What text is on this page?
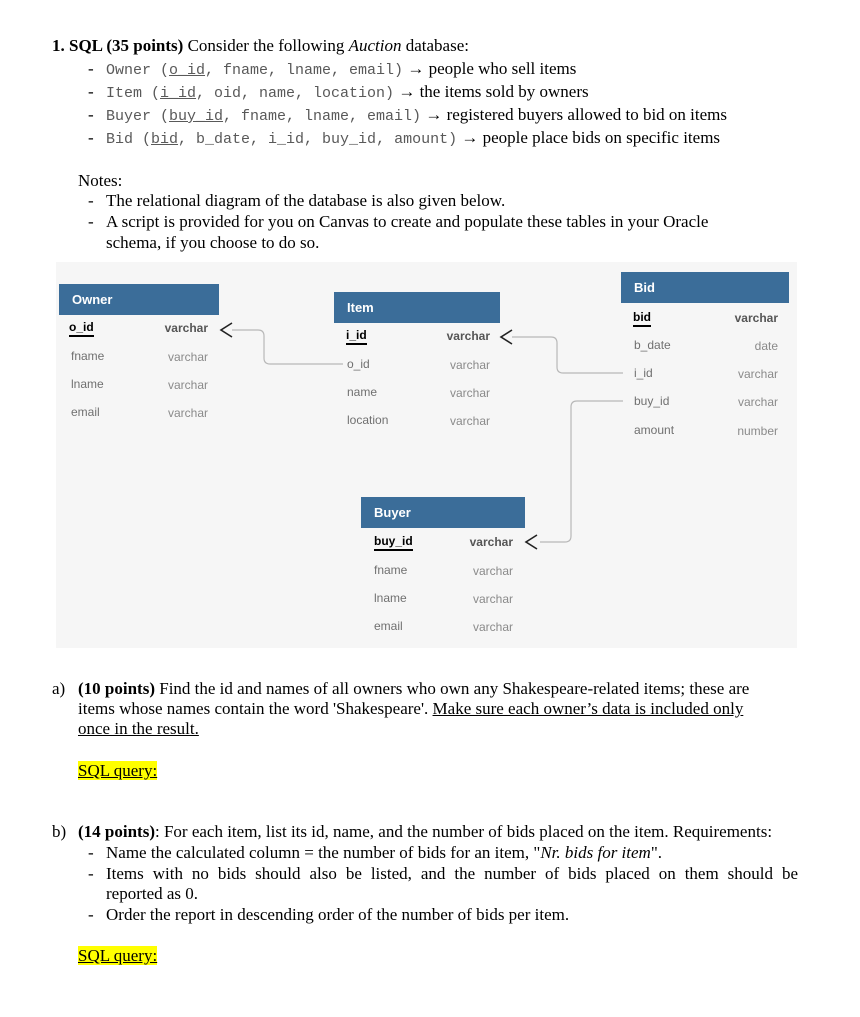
1. SQL (35 points) Consider the following Auction database:
- Owner (o_id, fname, lname, email) → people who sell items
- Item (i_id, oid, name, location) → the items sold by owners
- Buyer (buy_id, fname, lname, email) → registered buyers allowed to bid on items
- Bid (bid, b_date, i_id, buy_id, amount) → people place bids on specific items
Notes:
- The relational diagram of the database is also given below.
- A script is provided for you on Canvas to create and populate these tables in your Oracle
schema, if you choose to do so.
Owner
o_id	varchar
fname	varchar
lname	varchar
email	varchar
Item
i_id	varchar
o_id	varchar
name	varchar
location	varchar
Bid
bid	varchar
b_date	date
i_id	varchar
buy_id	varchar
amount	number
Buyer
buy_id	varchar
fname	varchar
lname	varchar
email	varchar
a) (10 points) Find the id and names of all owners who own any Shakespeare-related items; these are
items whose names contain the word 'Shakespeare'. Make sure each owner’s data is included only
once in the result.
SQL query:
b) (14 points): For each item, list its id, name, and the number of bids placed on the item. Requirements:
- Name the calculated column = the number of bids for an item, "Nr. bids for item".
- Items with no bids should also be listed, and the number of bids placed on them should be
reported as 0.
- Order the report in descending order of the number of bids per item.
SQL query:
